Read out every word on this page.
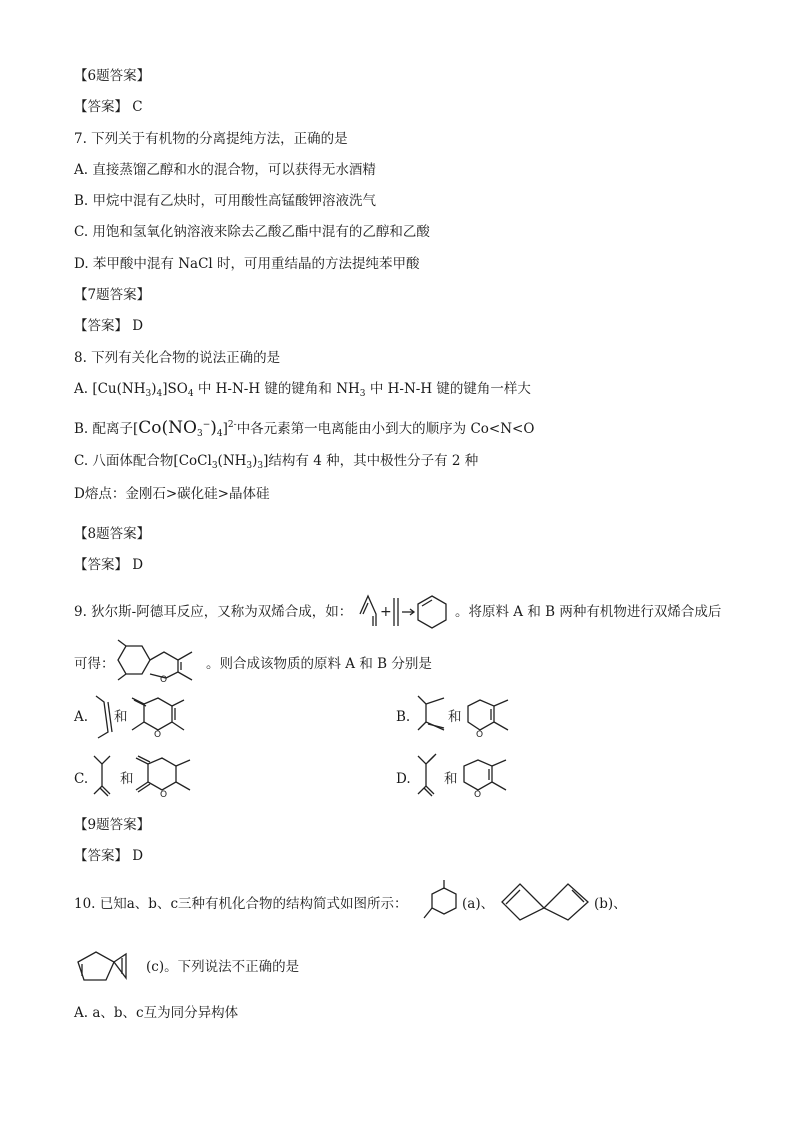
【6题答案】
【答案】 C
7. 下列关于有机物的分离提纯方法，正确的是
A. 直接蒸馏乙醇和水的混合物，可以获得无水酒精
B. 甲烷中混有乙炔时，可用酸性高锰酸钾溶液洗气
C. 用饱和氢氧化钠溶液来除去乙酸乙酯中混有的乙醇和乙酸
D. 苯甲酸中混有 NaCl 时，可用重结晶的方法提纯苯甲酸
【7题答案】
【答案】 D
8. 下列有关化合物的说法正确的是
A. $[Cu(NH_3)_4]SO_4$ 中 H-N-H 键的键角和 $NH_3$ 中 H-N-H 键的键角一样大
B. 配离子$[Co(NO_3^-)_4]^{2-}$中各元素第一电离能由小到大的顺序为 Co<N<O
C. 八面体配合物$[CoCl_3(NH_3)_3]$结构有 4 种，其中极性分子有 2 种
D熔点：金刚石>碳化硅>晶体硅
【8题答案】
【答案】 D
9. 狄尔斯-阿德耳反应，又称为双烯合成，如： +	。将原料 A 和 B 两种有机物进行双烯合成后
可得：
O
。则合成该物质的原料 A 和 B 分别是
A. 和
O
B.	和
O
C. 和
O
D. 和
O
【9题答案】
【答案】 D
10. 已知a、b、c三种有机化合物的结构简式如图所示：	(a)、	(b)、
(c)。下列说法不正确的是
A. a、b、c互为同分异构体
